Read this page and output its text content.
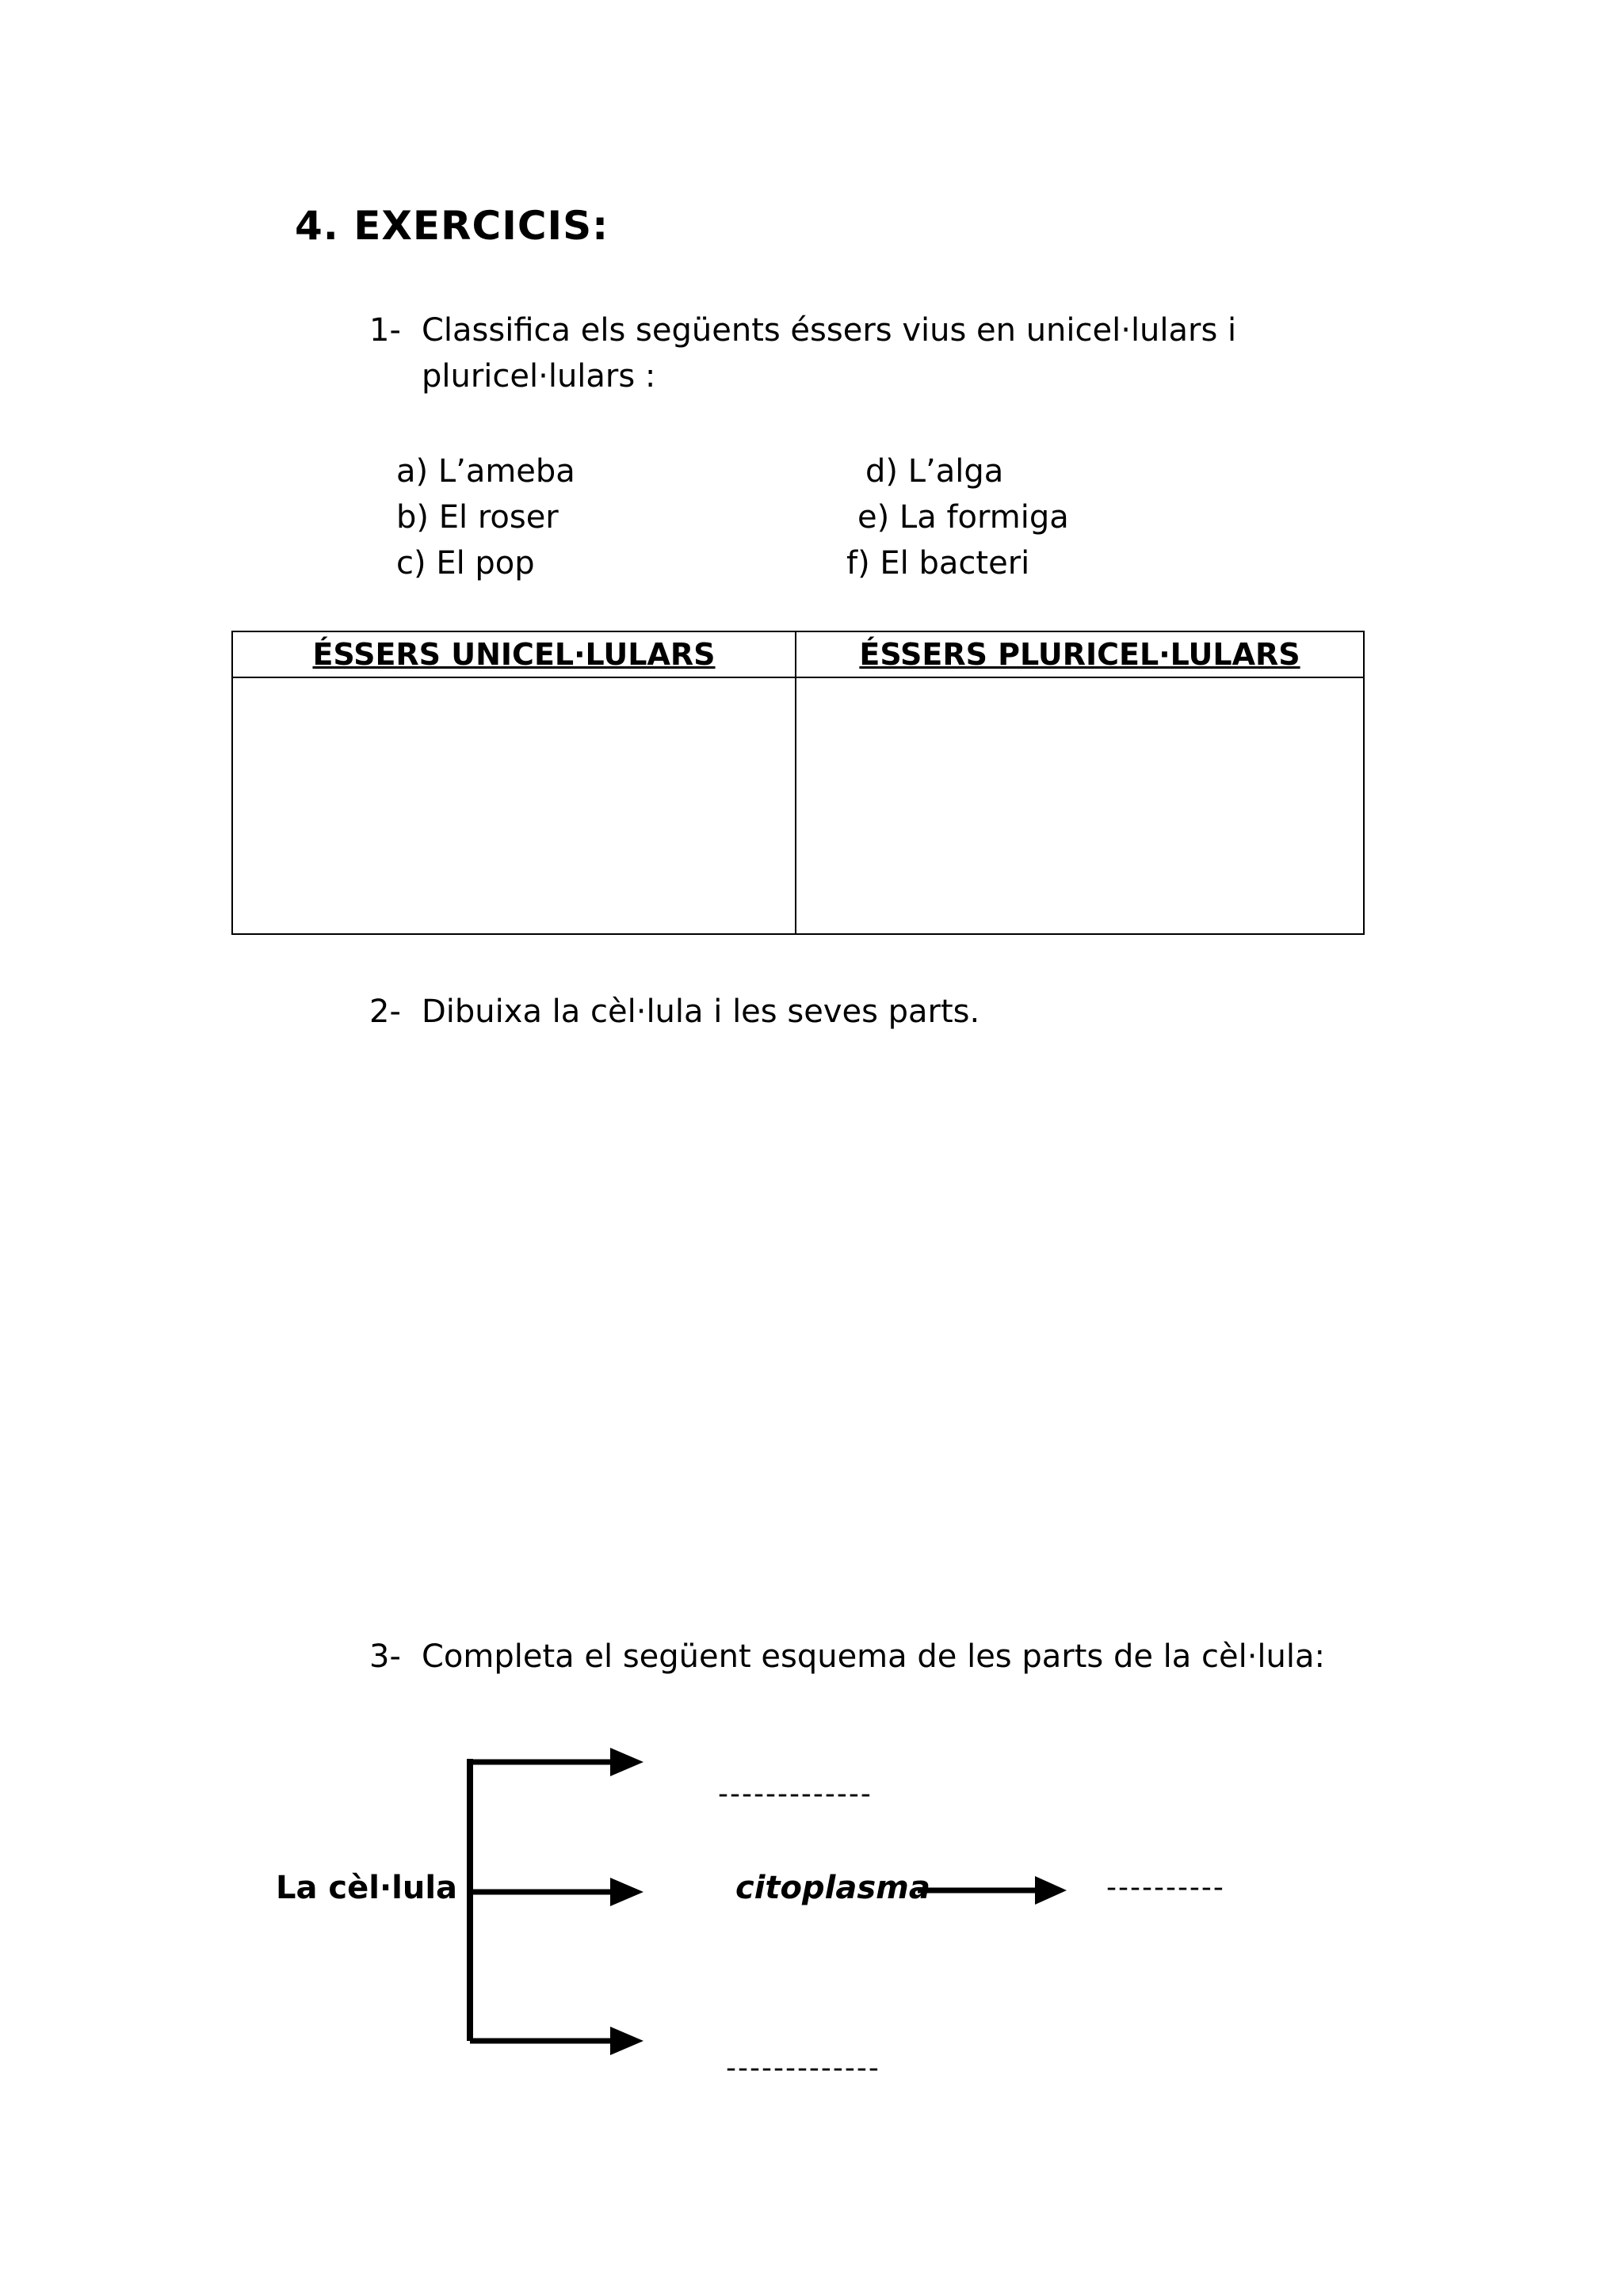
4. EXERCICIS:
1- Classifica els següents éssers vius en unicel·lulars i
pluricel·lulars :
a) L’ameba
b) El roser
c) El pop
d) L’alga
e) La formiga
f) El bacteri
ÉSSERS UNICEL·LULARS	ÉSSERS PLURICEL·LULARS
2- Dibuixa la cèl·lula i les seves parts.
3- Completa el següent esquema de les parts de la cèl·lula:
La cèl·lula	citoplasma
-------------
----------
-------------
